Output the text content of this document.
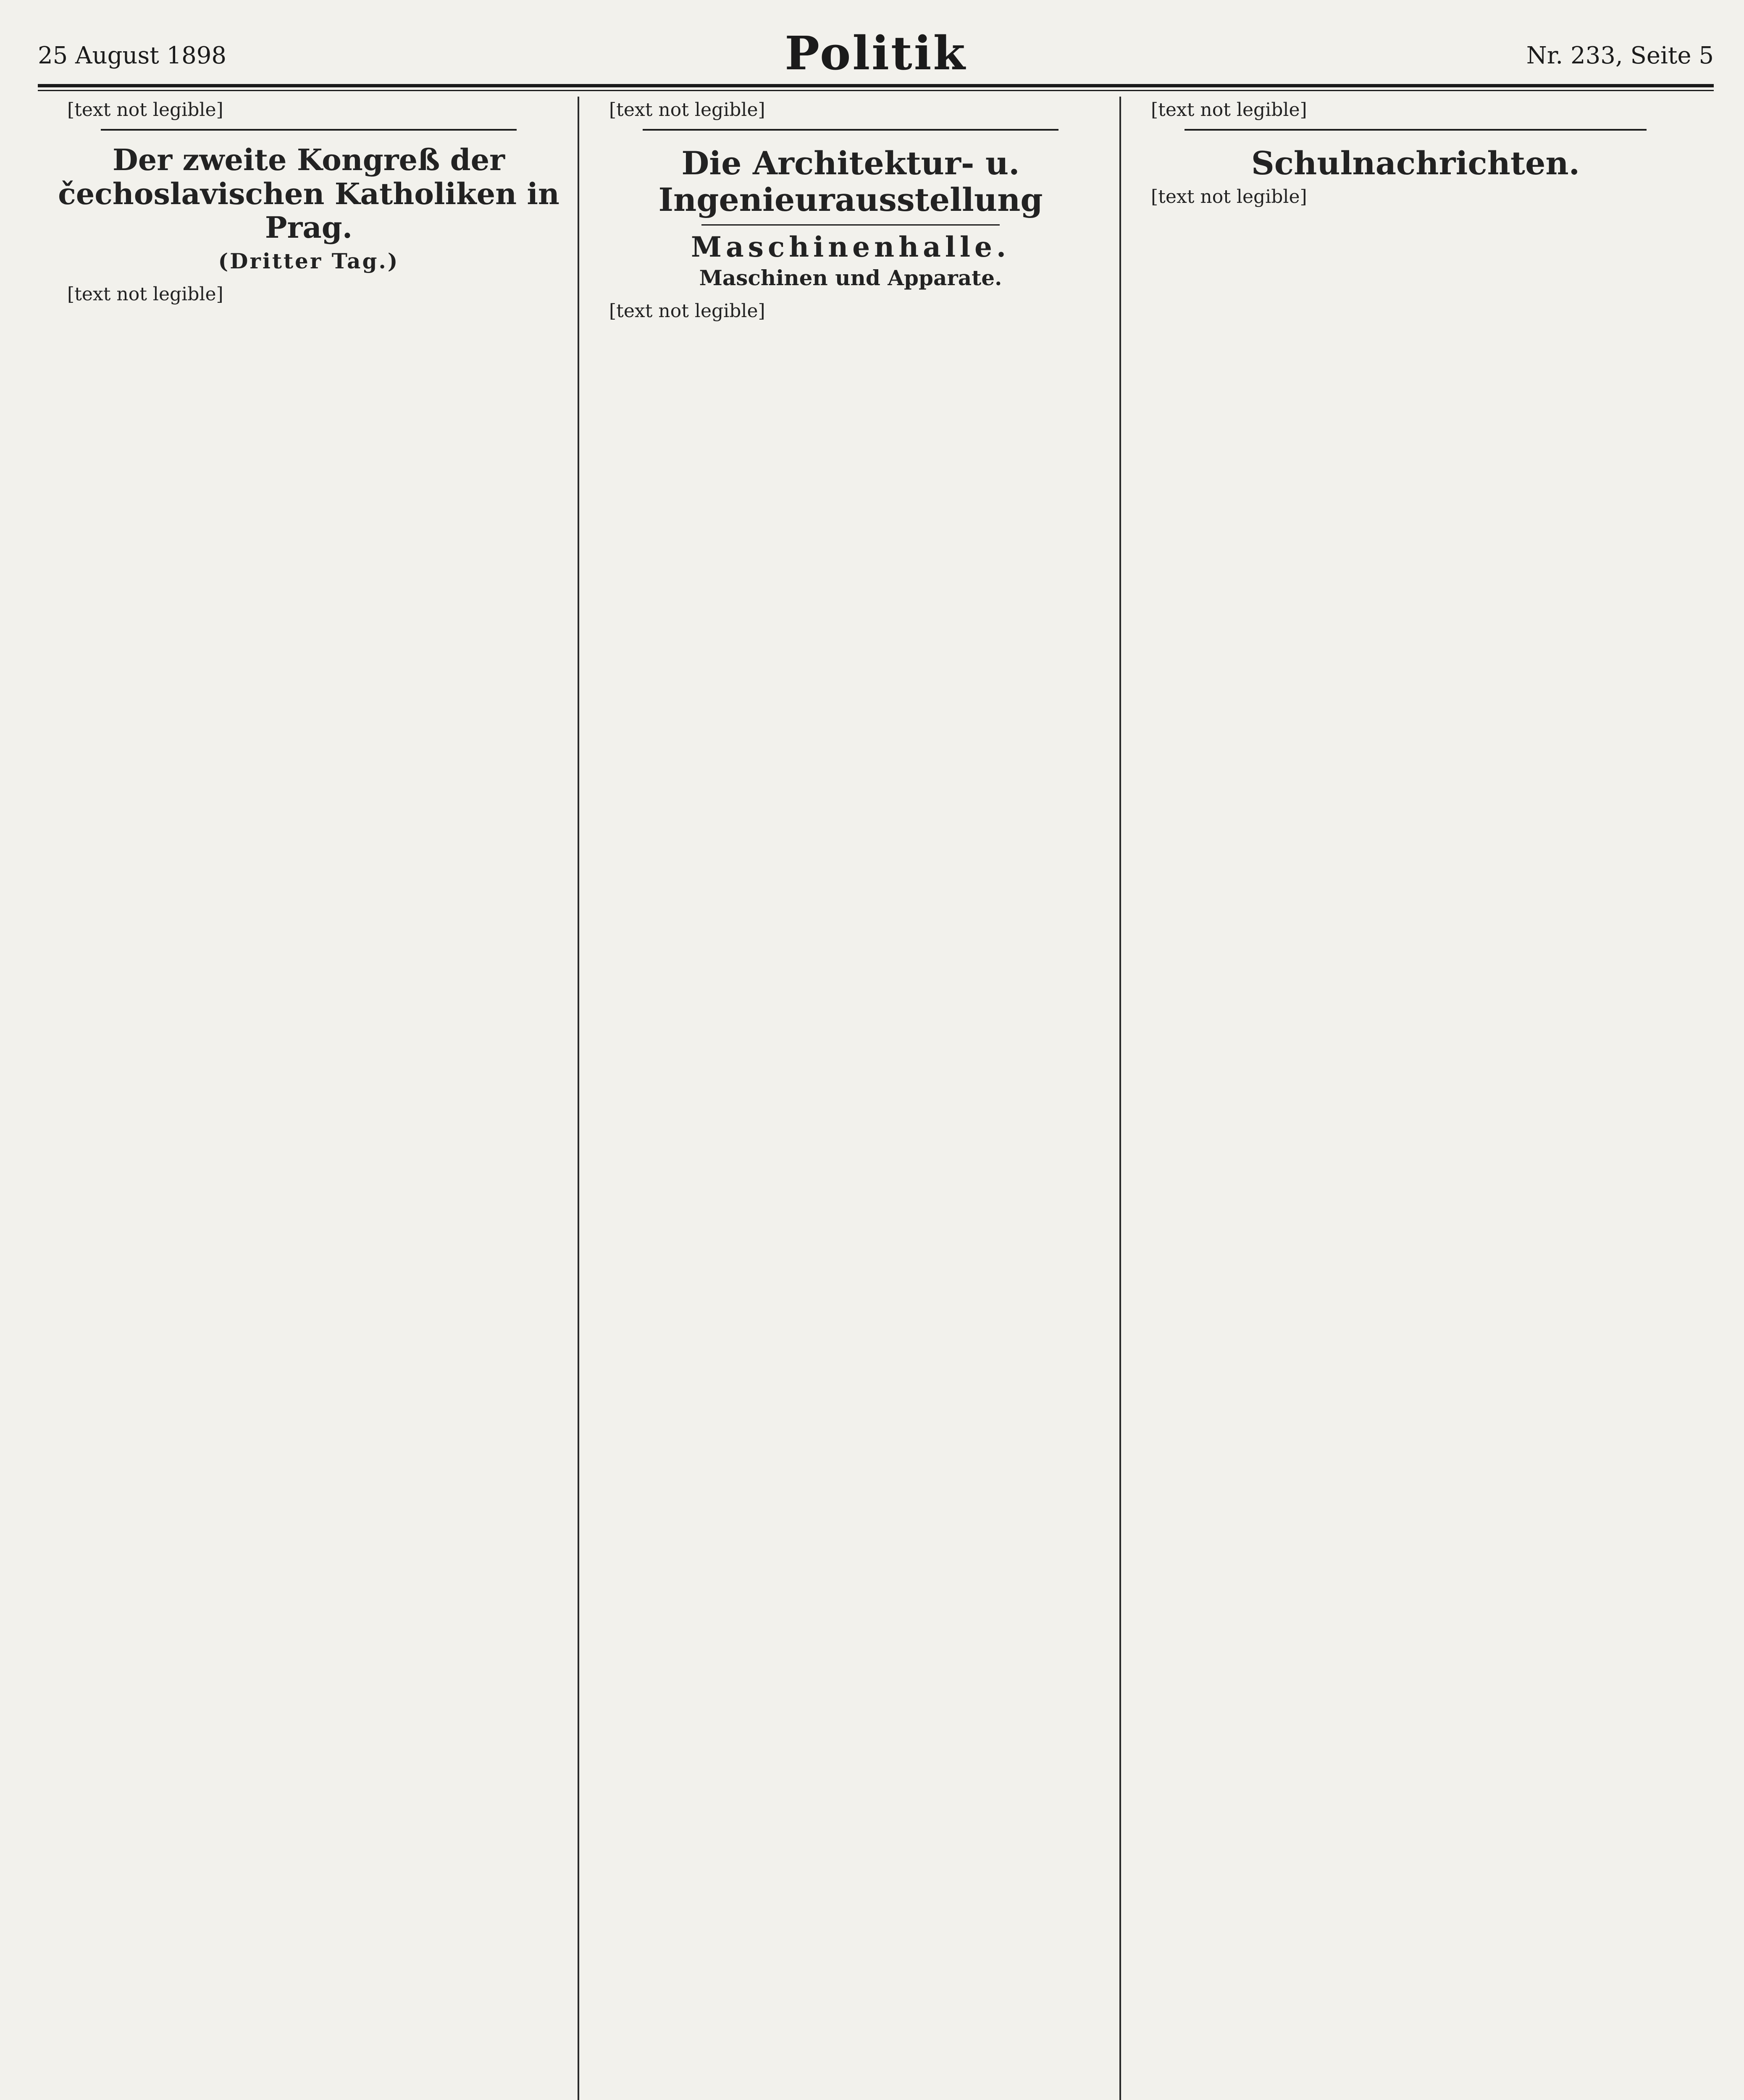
25 August 1898	Politik	Nr. 233, Seite 5

[text not legible]

Der zweite Kongreß der čechoslavischen Katholiken in Prag.
(Dritter Tag.)

[text not legible]

[text not legible]

Die Architektur- u. Ingenieurausstellung
Maschinenhalle.
Maschinen und Apparate.

[text not legible]

[text not legible]

Schulnachrichten.

[text not legible]
